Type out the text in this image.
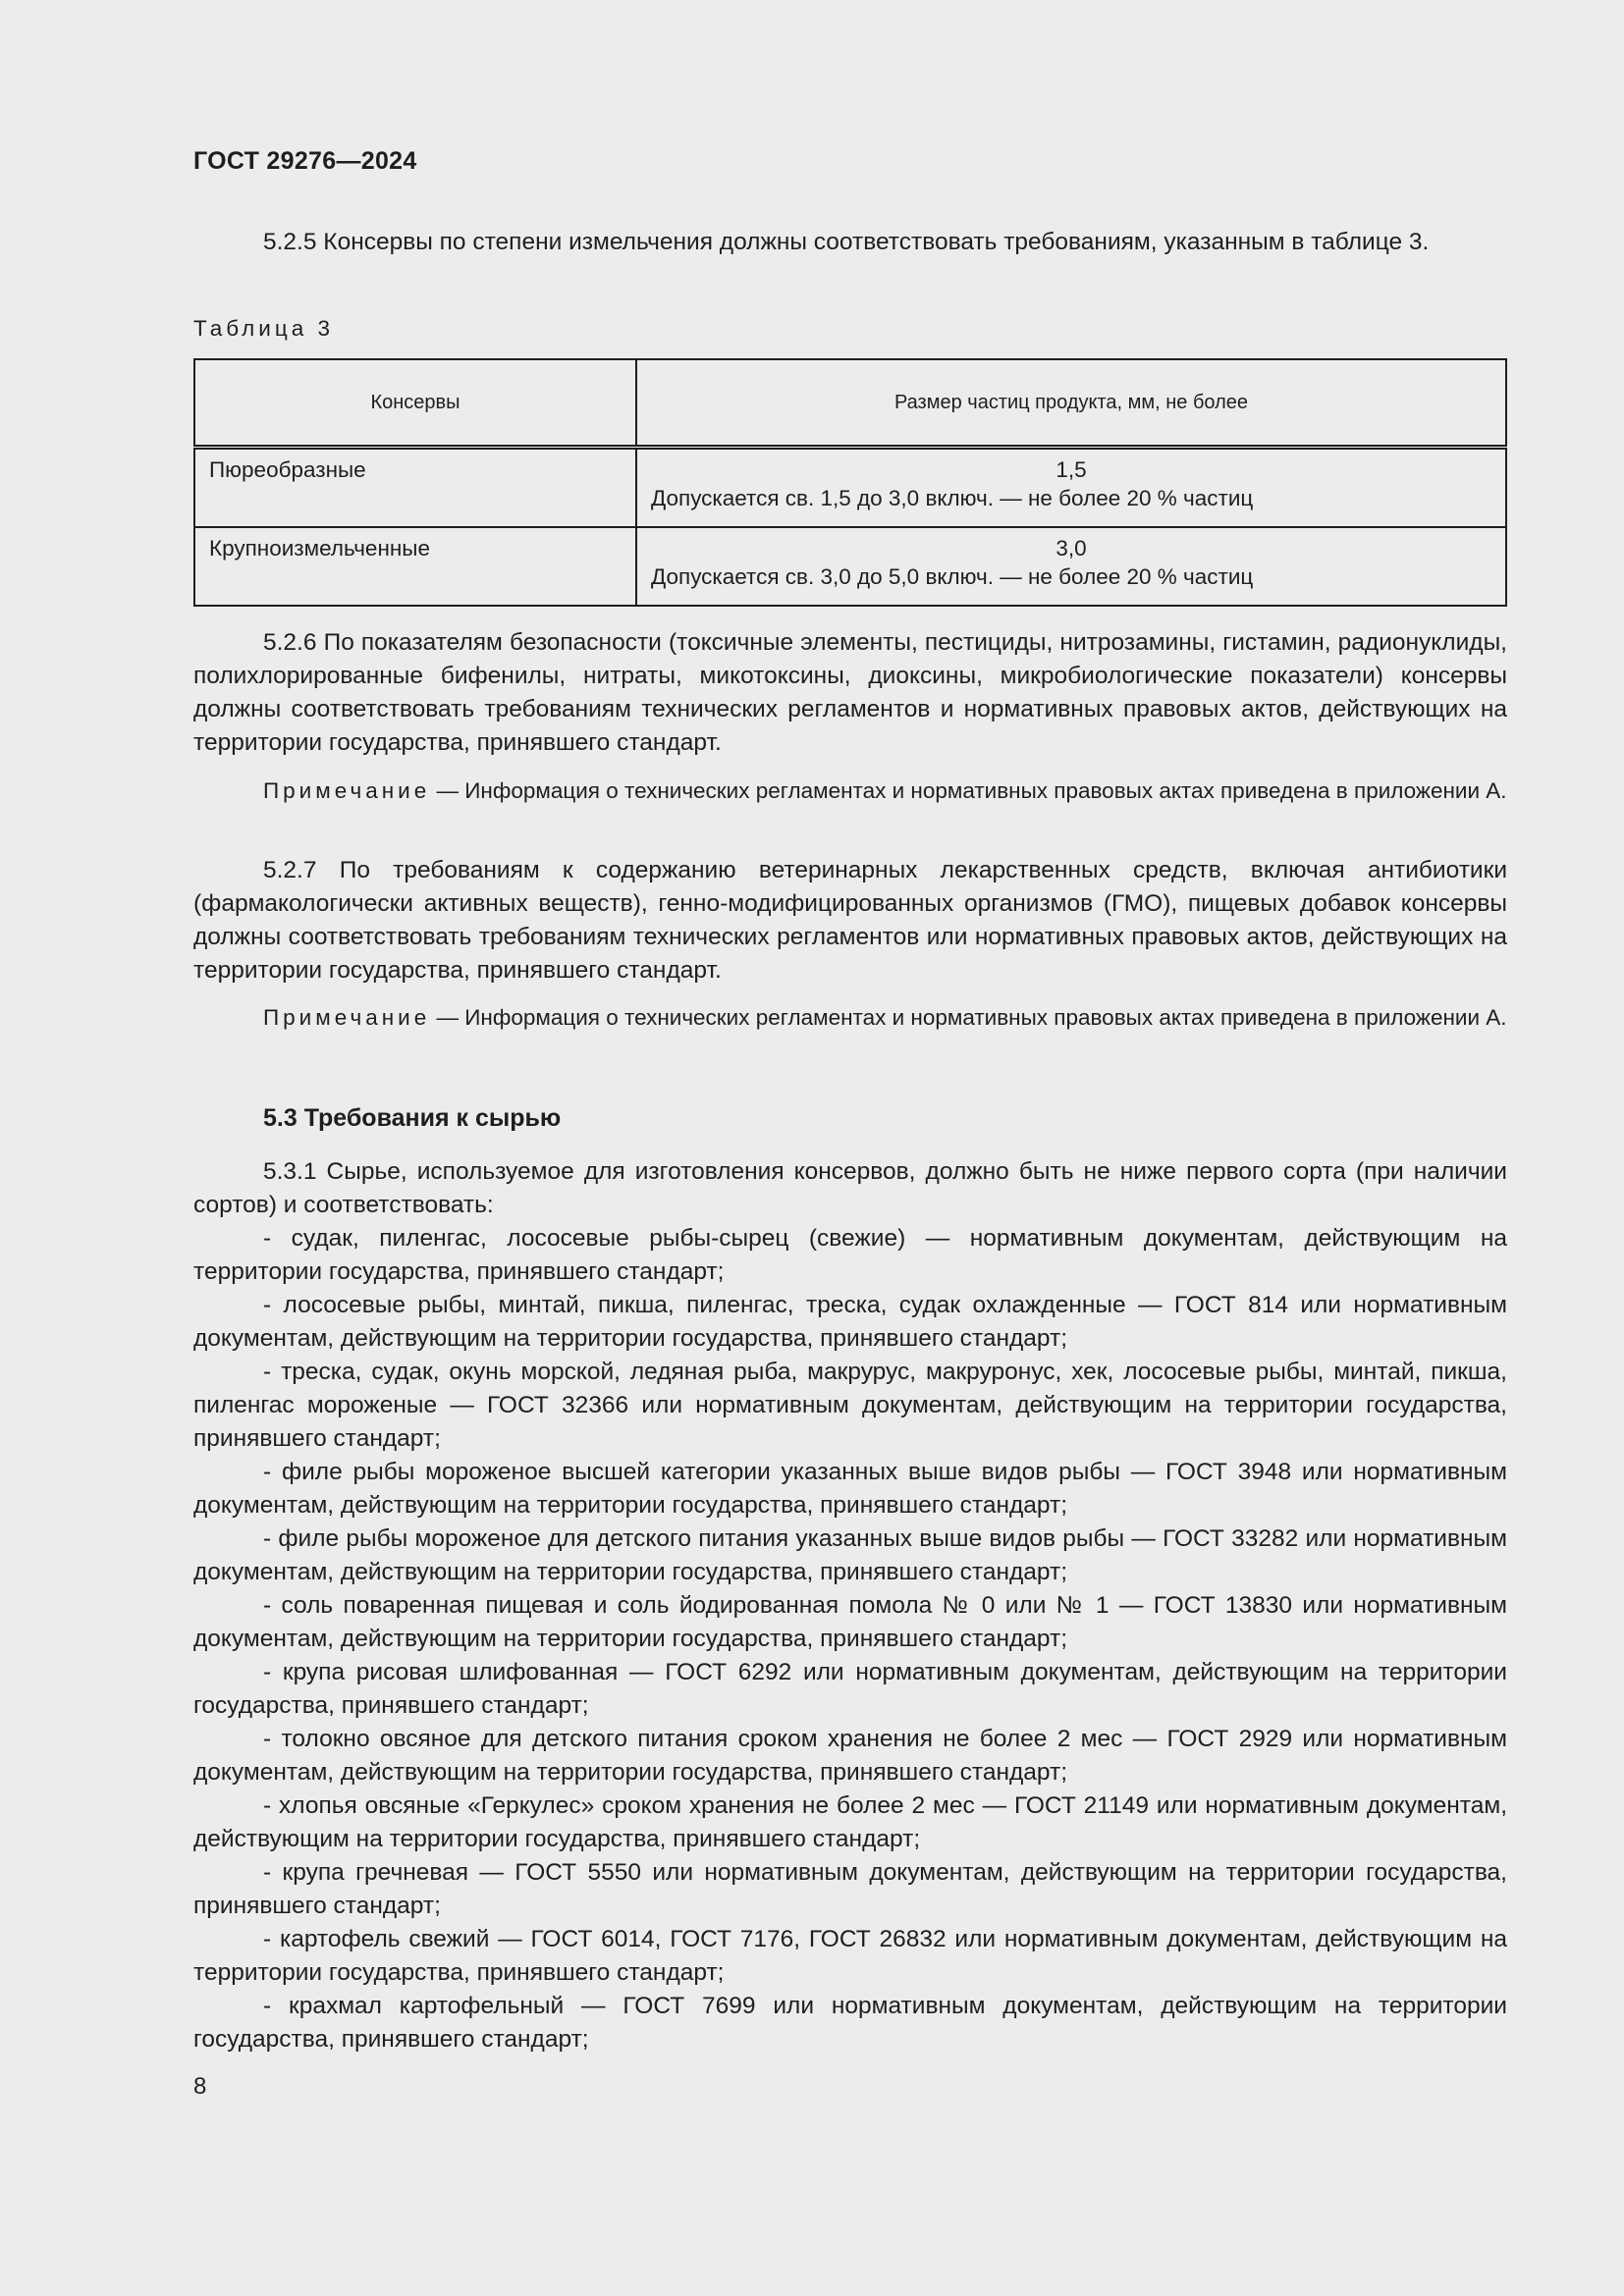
ГОСТ 29276—2024

5.2.5 Консервы по степени измельчения должны соответствовать требованиям, указанным в таблице 3.

Таблица 3

Консервы	Размер частиц продукта, мм, не более
Пюреобразные	1,5
Допускается св. 1,5 до 3,0 включ. — не более 20 % частиц
Крупноизмельченные	3,0
Допускается св. 3,0 до 5,0 включ. — не более 20 % частиц

5.2.6 По показателям безопасности (токсичные элементы, пестициды, нитрозамины, гистамин, радионуклиды, полихлорированные бифенилы, нитраты, микотоксины, диоксины, микробиологические показатели) консервы должны соответствовать требованиям технических регламентов и нормативных правовых актов, действующих на территории государства, принявшего стандарт.

Примечание — Информация о технических регламентах и нормативных правовых актах приведена в приложении А.

5.2.7 По требованиям к содержанию ветеринарных лекарственных средств, включая антибиотики (фармакологически активных веществ), генно-модифицированных организмов (ГМО), пищевых добавок консервы должны соответствовать требованиям технических регламентов или нормативных правовых актов, действующих на территории государства, принявшего стандарт.

Примечание — Информация о технических регламентах и нормативных правовых актах приведена в приложении А.

5.3 Требования к сырью

5.3.1 Сырье, используемое для изготовления консервов, должно быть не ниже первого сорта (при наличии сортов) и соответствовать:

- судак, пиленгас, лососевые рыбы-сырец (свежие) — нормативным документам, действующим на территории государства, принявшего стандарт;

- лососевые рыбы, минтай, пикша, пиленгас, треска, судак охлажденные — ГОСТ 814 или нормативным документам, действующим на территории государства, принявшего стандарт;

- треска, судак, окунь морской, ледяная рыба, макрурус, макруронус, хек, лососевые рыбы, минтай, пикша, пиленгас мороженые — ГОСТ 32366 или нормативным документам, действующим на территории государства, принявшего стандарт;

- филе рыбы мороженое высшей категории указанных выше видов рыбы — ГОСТ 3948 или нормативным документам, действующим на территории государства, принявшего стандарт;

- филе рыбы мороженое для детского питания указанных выше видов рыбы — ГОСТ 33282 или нормативным документам, действующим на территории государства, принявшего стандарт;

- соль поваренная пищевая и соль йодированная помола № 0 или № 1 — ГОСТ 13830 или нормативным документам, действующим на территории государства, принявшего стандарт;

- крупа рисовая шлифованная — ГОСТ 6292 или нормативным документам, действующим на территории государства, принявшего стандарт;

- толокно овсяное для детского питания сроком хранения не более 2 мес — ГОСТ 2929 или нормативным документам, действующим на территории государства, принявшего стандарт;

- хлопья овсяные «Геркулес» сроком хранения не более 2 мес — ГОСТ 21149 или нормативным документам, действующим на территории государства, принявшего стандарт;

- крупа гречневая — ГОСТ 5550 или нормативным документам, действующим на территории государства, принявшего стандарт;

- картофель свежий — ГОСТ 6014, ГОСТ 7176, ГОСТ 26832 или нормативным документам, действующим на территории государства, принявшего стандарт;

- крахмал картофельный — ГОСТ 7699 или нормативным документам, действующим на территории государства, принявшего стандарт;

8
